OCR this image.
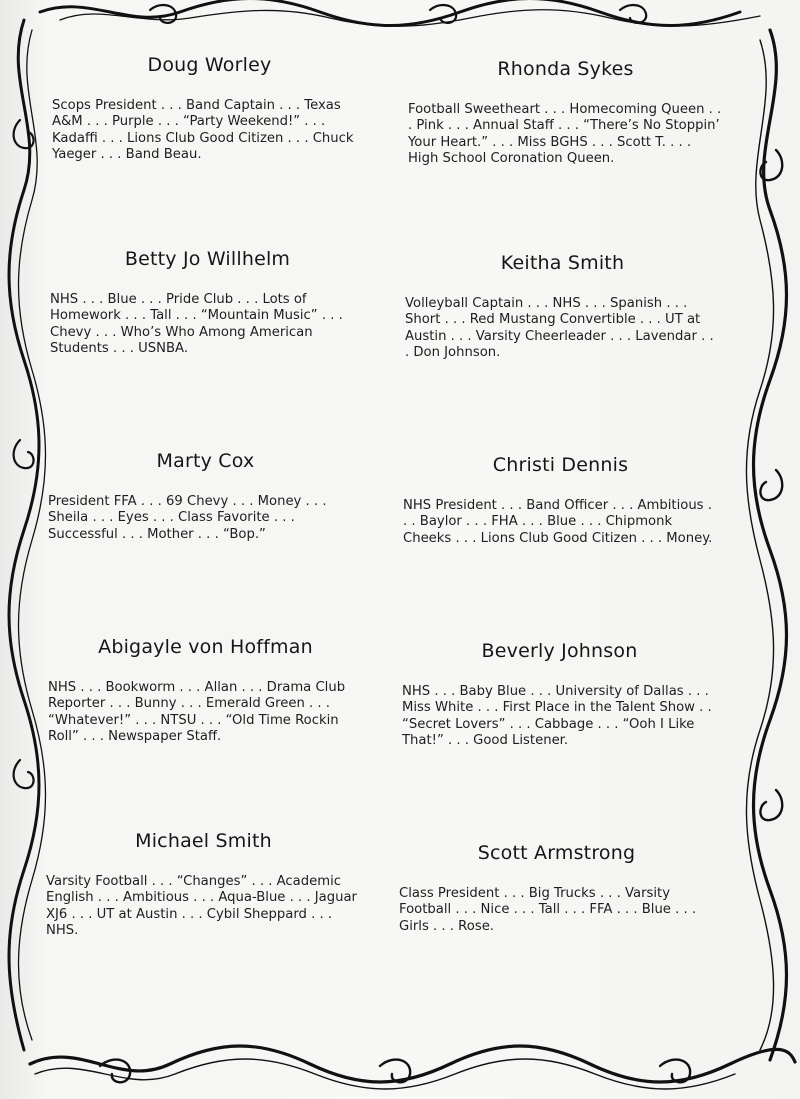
Doug Worley

Scops President . . . Band Captain . . . Texas A&M . . . Purple . . . “Party Weekend!” . . . Kadaffi . . . Lions Club Good Citizen . . . Chuck Yaeger . . . Band Beau.

Betty Jo Willhelm

NHS . . . Blue . . . Pride Club . . . Lots of Homework . . . Tall . . . “Mountain Music” . . . Chevy . . . Who’s Who Among American Students . . . USNBA.

Marty Cox

President FFA . . . 69 Chevy . . . Money . . . Sheila . . . Eyes . . . Class Favorite . . . Successful . . . Mother . . . “Bop.”

Abigayle von Hoffman

NHS . . . Bookworm . . . Allan . . . Drama Club Reporter . . . Bunny . . . Emerald Green . . . “Whatever!” . . . NTSU . . . “Old Time Rockin Roll” . . . Newspaper Staff.

Michael Smith

Varsity Football . . . “Changes” . . . Academic English . . . Ambitious . . . Aqua-Blue . . . Jaguar XJ6 . . . UT at Austin . . . Cybil Sheppard . . . NHS.

Rhonda Sykes

Football Sweetheart . . . Homecoming Queen . . . Pink . . . Annual Staff . . . “There’s No Stoppin’ Your Heart.” . . . Miss BGHS . . . Scott T. . . . High School Coronation Queen.

Keitha Smith

Volleyball Captain . . . NHS . . . Spanish . . . Short . . . Red Mustang Convertible . . . UT at Austin . . . Varsity Cheerleader . . . Lavendar . . . Don Johnson.

Christi Dennis

NHS President . . . Band Officer . . . Ambitious . . . Baylor . . . FHA . . . Blue . . . Chipmonk Cheeks . . . Lions Club Good Citizen . . . Money.

Beverly Johnson

NHS . . . Baby Blue . . . University of Dallas . . . Miss White . . . First Place in the Talent Show . . “Secret Lovers” . . . Cabbage . . . “Ooh I Like That!” . . . Good Listener.

Scott Armstrong

Class President . . . Big Trucks . . . Varsity Football . . . Nice . . . Tall . . . FFA . . . Blue . . . Girls . . . Rose.
